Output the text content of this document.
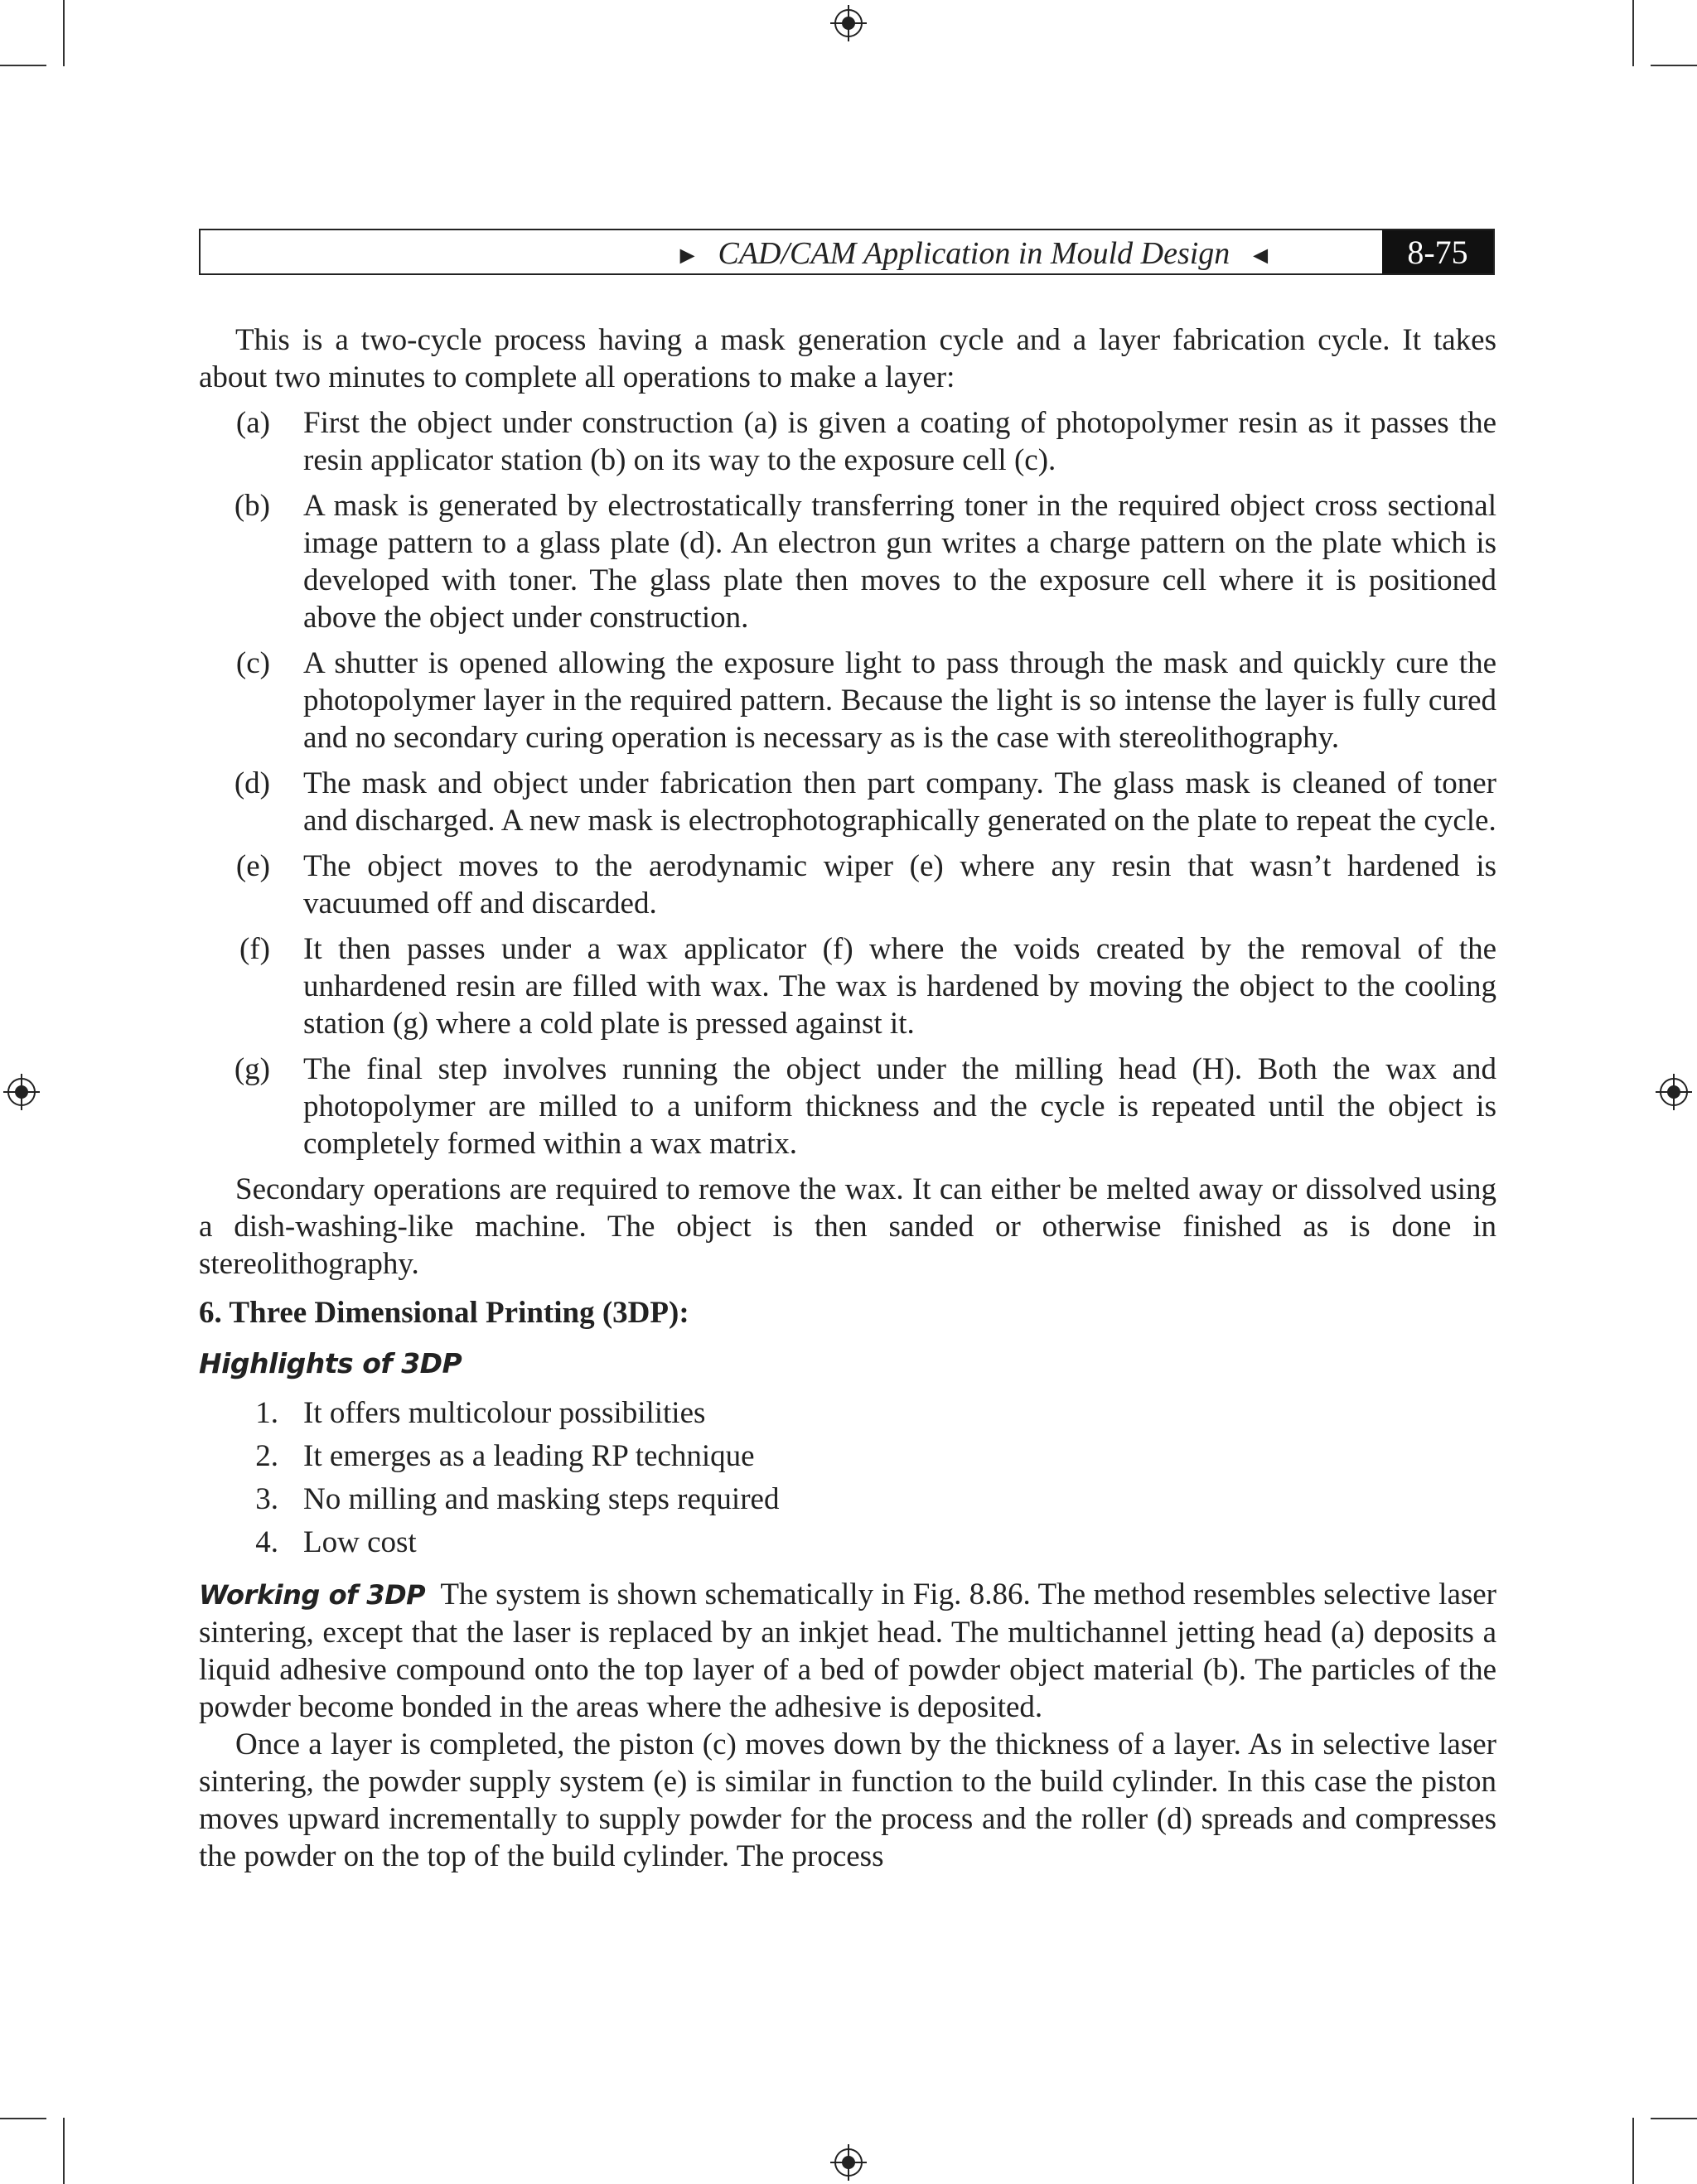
► CAD/CAM Application in Mould Design ◄	8-75

This is a two-cycle process having a mask generation cycle and a layer fabrication cycle. It takes about two minutes to complete all operations to make a layer:

(a)	First the object under construction (a) is given a coating of photopolymer resin as it passes the resin applicator station (b) on its way to the exposure cell (c).
(b)	A mask is generated by electrostatically transferring toner in the required object cross sectional image pattern to a glass plate (d). An electron gun writes a charge pattern on the plate which is developed with toner. The glass plate then moves to the exposure cell where it is positioned above the object under construction.
(c)	A shutter is opened allowing the exposure light to pass through the mask and quickly cure the photopolymer layer in the required pattern. Because the light is so intense the layer is fully cured and no secondary curing operation is necessary as is the case with stereolithography.
(d)	The mask and object under fabrication then part company. The glass mask is cleaned of toner and discharged. A new mask is electrophotographically generated on the plate to repeat the cycle.
(e)	The object moves to the aerodynamic wiper (e) where any resin that wasn’t hardened is vacuumed off and discarded.
(f)	It then passes under a wax applicator (f) where the voids created by the removal of the unhardened resin are filled with wax. The wax is hardened by moving the object to the cooling station (g) where a cold plate is pressed against it.
(g)	The final step involves running the object under the milling head (H). Both the wax and photopolymer are milled to a uniform thickness and the cycle is repeated until the object is completely formed within a wax matrix.

Secondary operations are required to remove the wax. It can either be melted away or dissolved using a dish-washing-like machine. The object is then sanded or otherwise finished as is done in stereolithography.

6. Three Dimensional Printing (3DP):

Highlights of 3DP

1. It offers multicolour possibilities
2. It emerges as a leading RP technique
3. No milling and masking steps required
4. Low cost

Working of 3DP The system is shown schematically in Fig. 8.86. The method resembles selective laser sintering, except that the laser is replaced by an inkjet head. The multichannel jetting head (a) deposits a liquid adhesive compound onto the top layer of a bed of powder object material (b). The particles of the powder become bonded in the areas where the adhesive is deposited.

Once a layer is completed, the piston (c) moves down by the thickness of a layer. As in selective laser sintering, the powder supply system (e) is similar in function to the build cylinder. In this case the piston moves upward incrementally to supply powder for the process and the roller (d) spreads and compresses the powder on the top of the build cylinder. The process
